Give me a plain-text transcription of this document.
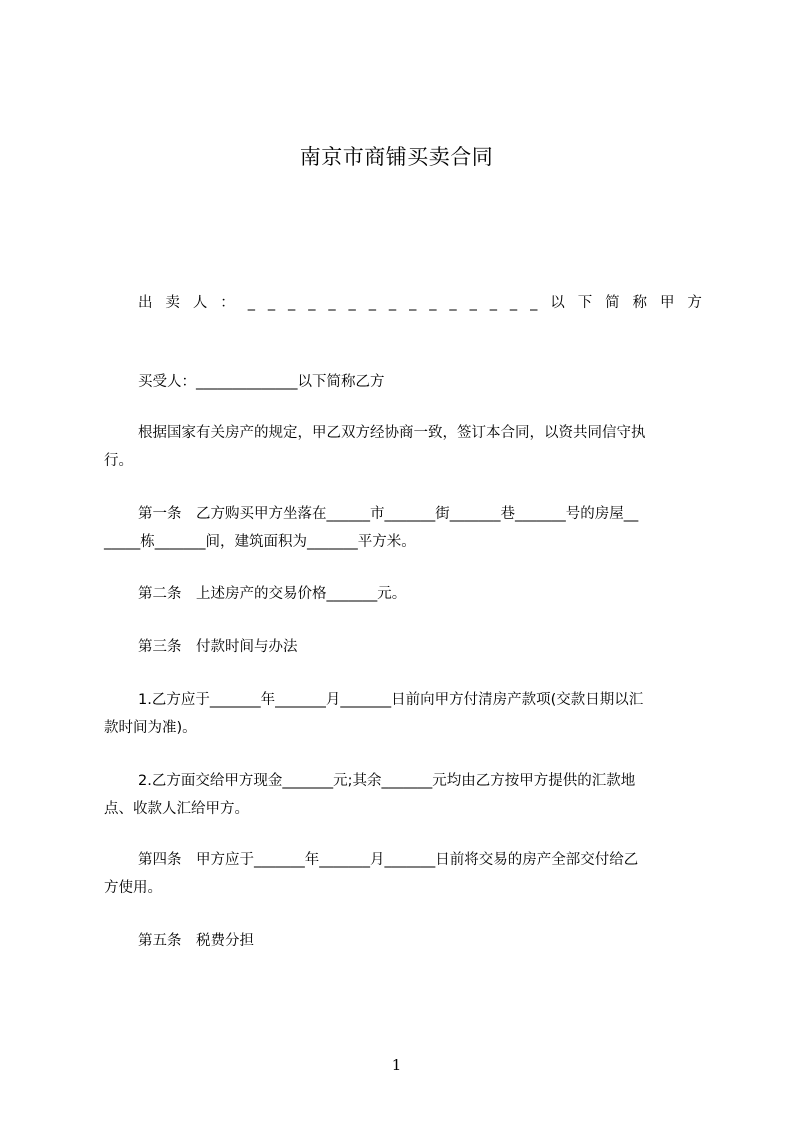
南京市商铺买卖合同
出 卖 人 ： _ _ _ _ _ _ _ _ _ _ _ _ _ _ _ 以 下 简 称 甲 方
买受人：______________以下简称乙方
根据国家有关房产的规定，甲乙双方经协商一致，签订本合同，以资共同信守执
行。
第一条　乙方购买甲方坐落在______市_______街_______巷_______号的房屋__
_____栋_______间，建筑面积为_______平方米。
第二条　上述房产的交易价格_______元。
第三条　付款时间与办法
1.乙方应于_______年_______月_______日前向甲方付清房产款项(交款日期以汇
款时间为准)。
2.乙方面交给甲方现金_______元;其余_______元均由乙方按甲方提供的汇款地
点、收款人汇给甲方。
第四条　甲方应于_______年_______月_______日前将交易的房产全部交付给乙
方使用。
第五条　税费分担
1
